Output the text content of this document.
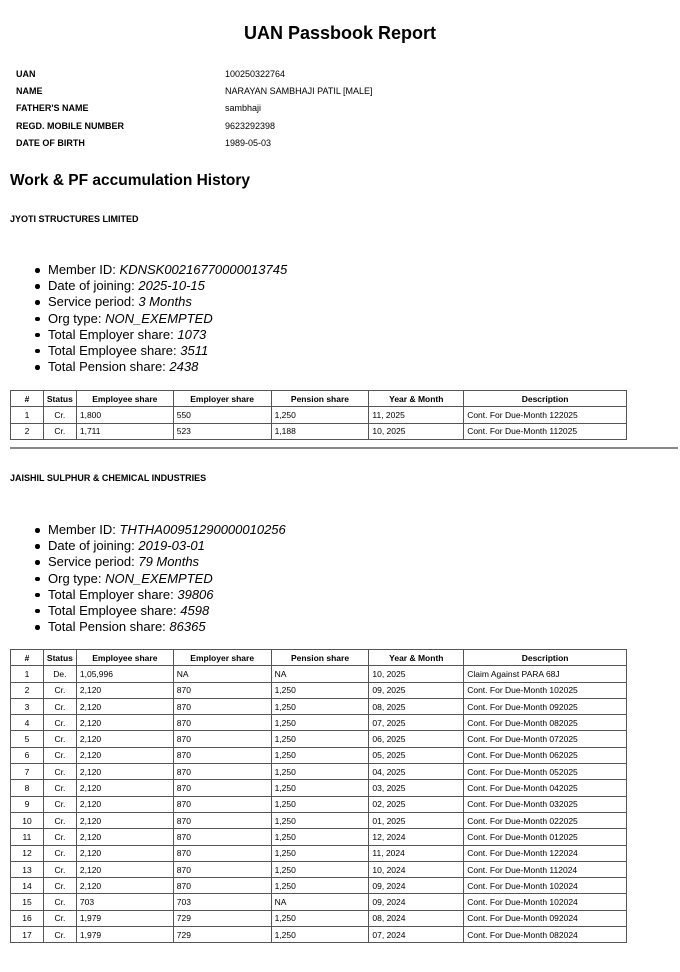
UAN Passbook Report
UAN	100250322764
NAME	NARAYAN SAMBHAJI PATIL [MALE]
FATHER'S NAME	sambhaji
REGD. MOBILE NUMBER	9623292398
DATE OF BIRTH	1989-05-03
Work & PF accumulation History
JYOTI STRUCTURES LIMITED
Member ID: KDNSK00216770000013745
Date of joining: 2025-10-15
Service period: 3 Months
Org type: NON_EXEMPTED
Total Employer share: 1073
Total Employee share: 3511
Total Pension share: 2438
#	Status	Employee share	Employer share	Pension share	Year & Month	Description
1	Cr.	1,800	550	1,250	11, 2025	Cont. For Due-Month 122025
2	Cr.	1,711	523	1,188	10, 2025	Cont. For Due-Month 112025
JAISHIL SULPHUR & CHEMICAL INDUSTRIES
Member ID: THTHA00951290000010256
Date of joining: 2019-03-01
Service period: 79 Months
Org type: NON_EXEMPTED
Total Employer share: 39806
Total Employee share: 4598
Total Pension share: 86365
#	Status	Employee share	Employer share	Pension share	Year & Month	Description
1	De.	1,05,996	NA	NA	10, 2025	Claim Against PARA 68J
2	Cr.	2,120	870	1,250	09, 2025	Cont. For Due-Month 102025
3	Cr.	2,120	870	1,250	08, 2025	Cont. For Due-Month 092025
4	Cr.	2,120	870	1,250	07, 2025	Cont. For Due-Month 082025
5	Cr.	2,120	870	1,250	06, 2025	Cont. For Due-Month 072025
6	Cr.	2,120	870	1,250	05, 2025	Cont. For Due-Month 062025
7	Cr.	2,120	870	1,250	04, 2025	Cont. For Due-Month 052025
8	Cr.	2,120	870	1,250	03, 2025	Cont. For Due-Month 042025
9	Cr.	2,120	870	1,250	02, 2025	Cont. For Due-Month 032025
10	Cr.	2,120	870	1,250	01, 2025	Cont. For Due-Month 022025
11	Cr.	2,120	870	1,250	12, 2024	Cont. For Due-Month 012025
12	Cr.	2,120	870	1,250	11, 2024	Cont. For Due-Month 122024
13	Cr.	2,120	870	1,250	10, 2024	Cont. For Due-Month 112024
14	Cr.	2,120	870	1,250	09, 2024	Cont. For Due-Month 102024
15	Cr.	703	703	NA	09, 2024	Cont. For Due-Month 102024
16	Cr.	1,979	729	1,250	08, 2024	Cont. For Due-Month 092024
17	Cr.	1,979	729	1,250	07, 2024	Cont. For Due-Month 082024
